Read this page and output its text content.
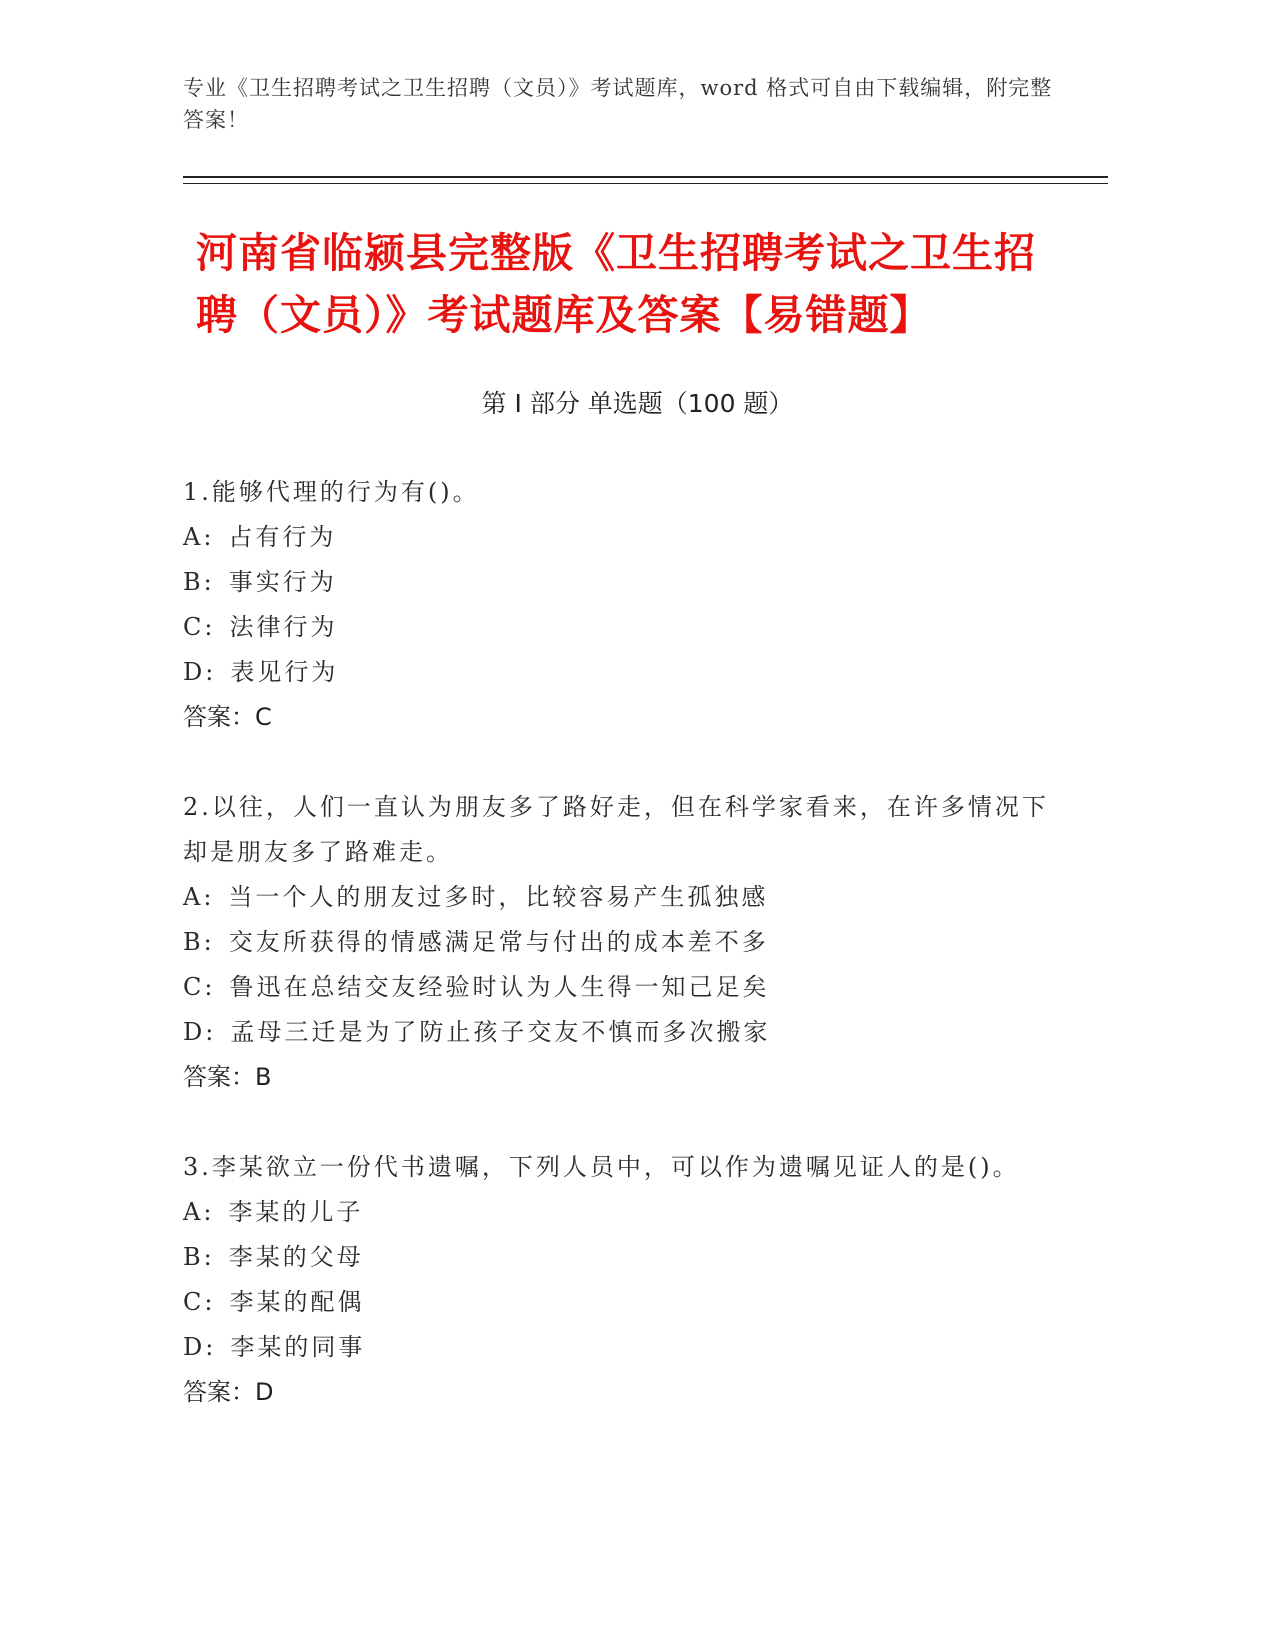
专业《卫生招聘考试之卫生招聘（文员）》考试题库，word 格式可自由下载编辑，附完整答案！
河南省临颍县完整版《卫生招聘考试之卫生招聘（文员）》考试题库及答案【易错题】
第 I 部分 单选题（100 题）
1.能够代理的行为有()。
A: 占有行为
B: 事实行为
C: 法律行为
D: 表见行为
答案：C
2.以往，人们一直认为朋友多了路好走，但在科学家看来，在许多情况下却是朋友多了路难走。
A: 当一个人的朋友过多时，比较容易产生孤独感
B: 交友所获得的情感满足常与付出的成本差不多
C: 鲁迅在总结交友经验时认为人生得一知己足矣
D: 孟母三迁是为了防止孩子交友不慎而多次搬家
答案：B
3.李某欲立一份代书遗嘱，下列人员中，可以作为遗嘱见证人的是()。
A: 李某的儿子
B: 李某的父母
C: 李某的配偶
D: 李某的同事
答案：D
